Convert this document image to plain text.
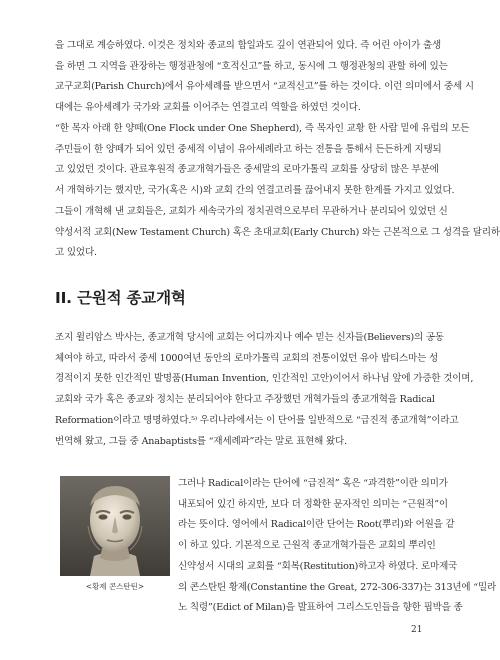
을 그대로 계승하였다. 이것은 정치와 종교의 합일과도 깊이 연관되어 있다. 즉 어린 아이가 출생
을 하면 그 지역을 관장하는 행정관청에 “호적신고”를 하고, 동시에 그 행정관청의 관할 하에 있는
교구교회(Parish Church)에서 유아세례를 받으면서 “교적신고”를 하는 것이다. 이런 의미에서 중세 시
대에는 유아세례가 국가와 교회를 이어주는 연결고리 역할을 하였던 것이다.
“한 목자 아래 한 양떼(One Flock under One Shepherd), 즉 목자인 교황 한 사람 밑에 유럽의 모든
주민들이 한 양떼가 되어 있던 중세적 이념이 유아세례라고 하는 전통을 통해서 든든하게 지탱되
고 있었던 것이다. 관료후원적 종교개혁가들은 중세말의 로마가톨릭 교회를 상당히 많은 부분에
서 개혁하기는 했지만, 국가(혹은 시)와 교회 간의 연결고리를 끊어내지 못한 한계를 가지고 있었다.
그들이 개혁해 낸 교회들은, 교회가 세속국가의 정치권력으로부터 무관하거나 분리되어 있었던 신
약성서적 교회(New Testament Church) 혹은 초대교회(Early Church) 와는 근본적으로 그 성격을 달리하
고 있었다.
II. 근원적 종교개혁
조지 윌리암스 박사는, 종교개혁 당시에 교회는 어디까지나 예수 믿는 신자들(Believers)의 공동
체여야 하고, 따라서 중세 1000여년 동안의 로마가톨릭 교회의 전통이었던 유아 밥티스마는 성
경적이지 못한 인간적인 발명품(Human Invention, 인간적인 고안)이어서 하나님 앞에 가증한 것이며,
교회와 국가 혹은 종교와 정치는 분리되어야 한다고 주장했던 개혁가들의 종교개혁을 Radical
Reformation이라고 명명하였다.⁵⁾ 우리나라에서는 이 단어를 일반적으로 “급진적 종교개혁”이라고
번역해 왔고, 그들 중 Anabaptists를 “재세례파”라는 말로 표현해 왔다.
<황제 콘스탄틴>
그러나 Radical이라는 단어에 “급진적” 혹은 “과격한”이란 의미가
내포되어 있긴 하지만, 보다 더 정확한 문자적인 의미는 “근원적”이
라는 뜻이다. 영어에서 Radical이란 단어는 Root(뿌리)와 어원을 같
이 하고 있다. 기본적으로 근원적 종교개혁가들은 교회의 뿌리인
신약성서 시대의 교회를 “회복(Restitution)하고자 하였다. 로마제국
의 콘스탄틴 황제(Constantine the Great, 272-306-337)는 313년에 “밀라
노 칙령”(Edict of Milan)을 발표하여 그리스도인들을 향한 핍박을 종
21
